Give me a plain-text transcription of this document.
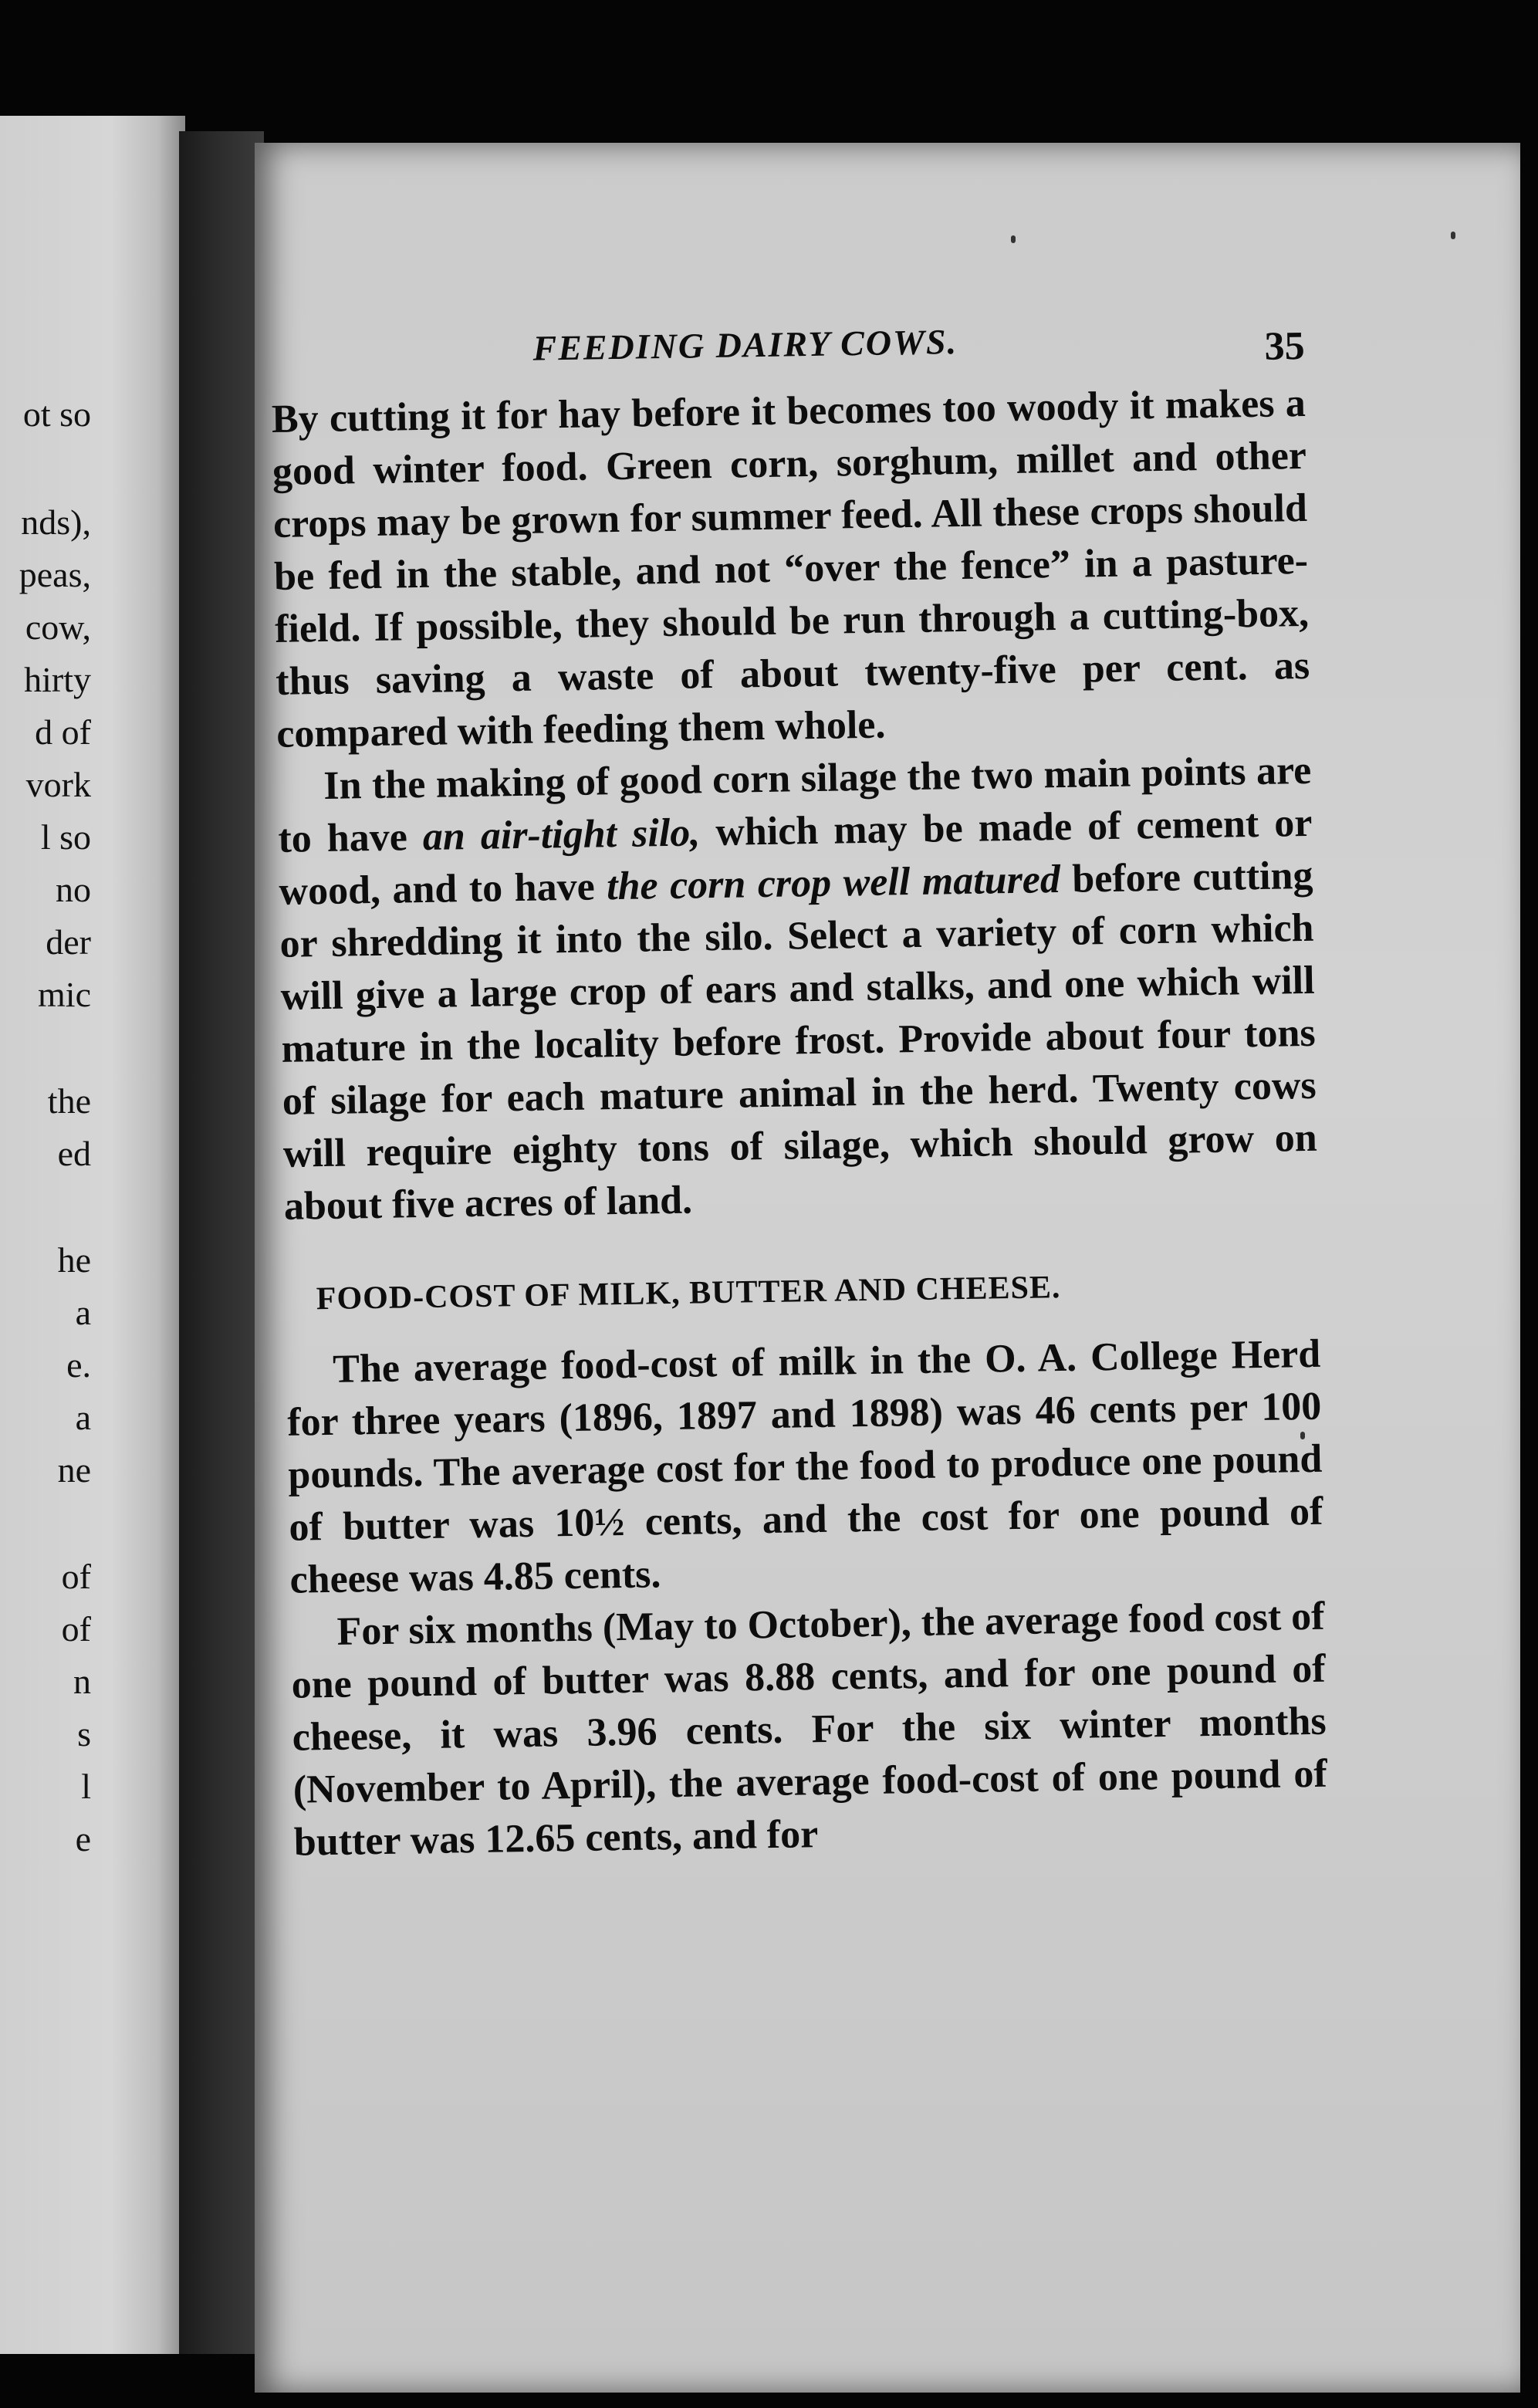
ot so
nds),
peas,
cow,
hirty
d of
vork
l so
no
der
mic
the
ed
he
a
e.
a
ne
of
of
n
s
l
e
FEEDING DAIRY COWS.	35

By cutting it for hay before it becomes too woody it makes a good winter food. Green corn, sorghum, millet and other crops may be grown for summer feed. All these crops should be fed in the stable, and not “over the fence” in a pasture-field. If possible, they should be run through a cutting-box, thus saving a waste of about twenty-five per cent. as compared with feeding them whole.

In the making of good corn silage the two main points are to have an air-tight silo, which may be made of cement or wood, and to have the corn crop well matured before cutting or shredding it into the silo. Select a variety of corn which will give a large crop of ears and stalks, and one which will mature in the locality before frost. Provide about four tons of silage for each mature animal in the herd. Twenty cows will require eighty tons of silage, which should grow on about five acres of land.

FOOD-COST OF MILK, BUTTER AND CHEESE.

The average food-cost of milk in the O. A. College Herd for three years (1896, 1897 and 1898) was 46 cents per 100 pounds. The average cost for the food to produce one pound of butter was 10½ cents, and the cost for one pound of cheese was 4.85 cents.

For six months (May to October), the average food cost of one pound of butter was 8.88 cents, and for one pound of cheese, it was 3.96 cents. For the six winter months (November to April), the average food-cost of one pound of butter was 12.65 cents, and for
